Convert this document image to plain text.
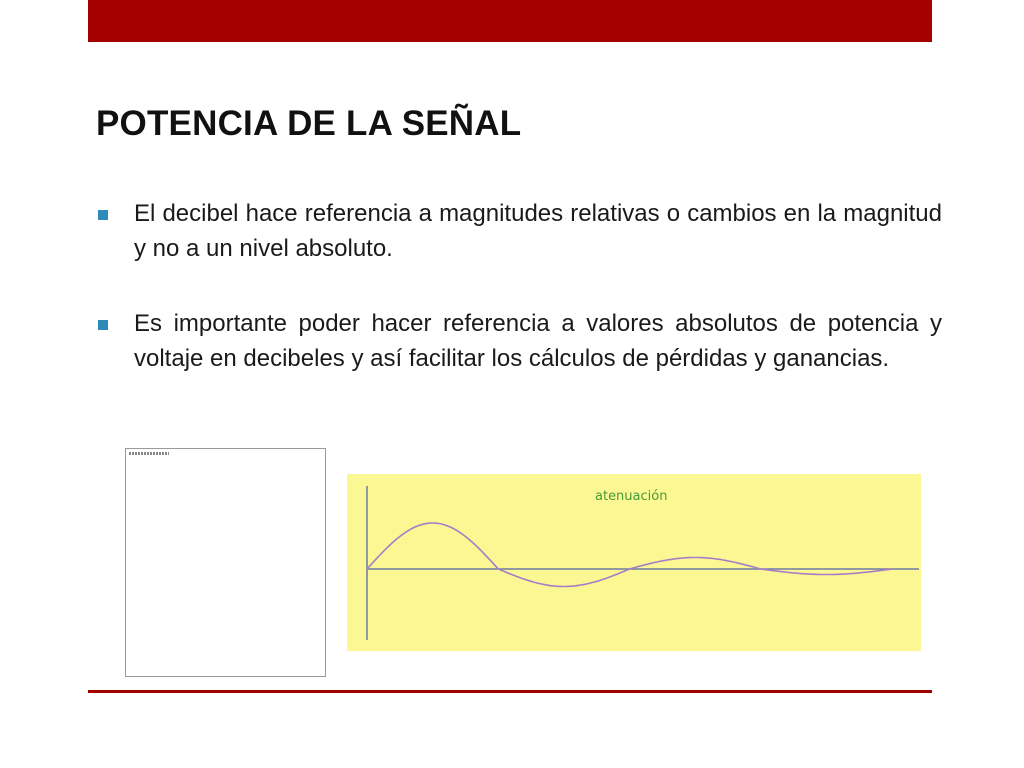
POTENCIA DE LA SEÑAL
El decibel hace referencia a magnitudes relativas o cambios en la magnitud y no a un nivel absoluto.
Es importante poder hacer referencia a valores absolutos de potencia y voltaje en decibeles y así facilitar los cálculos de pérdidas y ganancias.
atenuación
